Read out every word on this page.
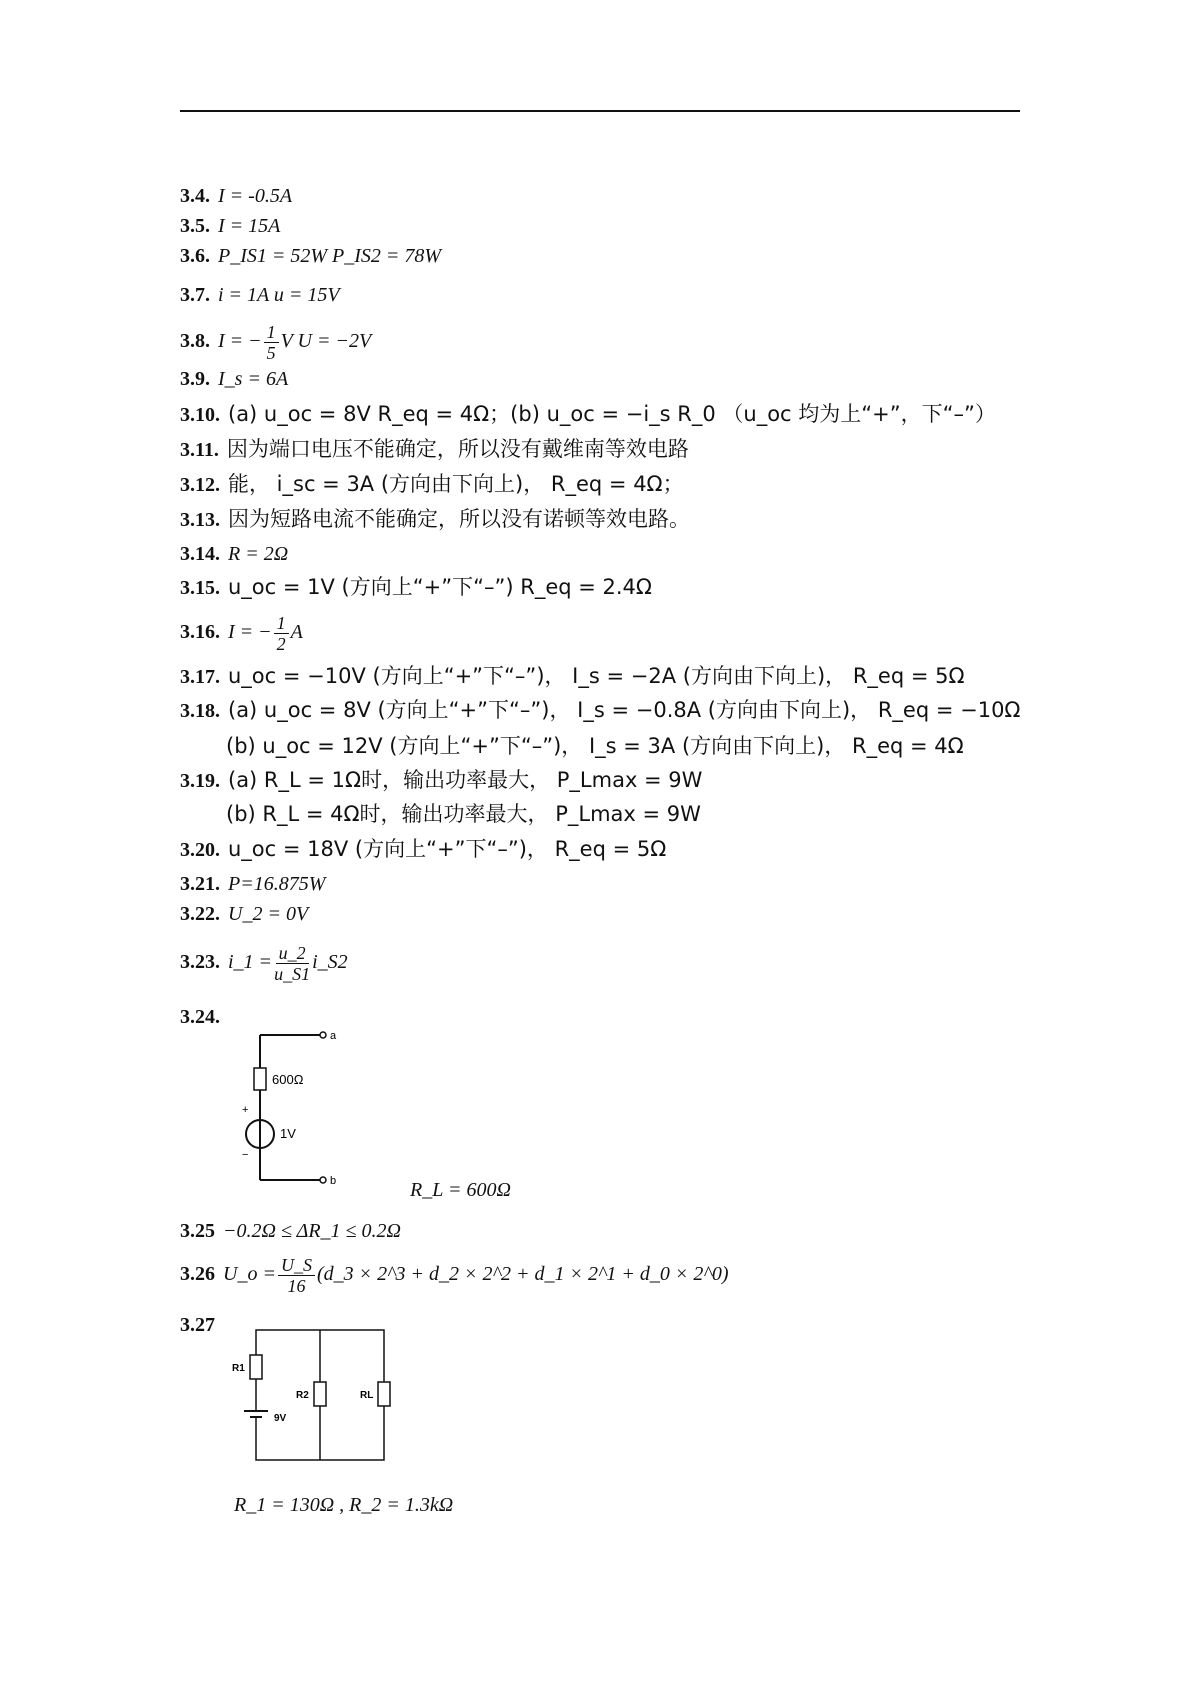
3.4. I = -0.5A
3.5. I = 15A
3.6. P_IS1 = 52W P_IS2 = 78W
3.7. i = 1A u = 15V
3.8. I = − $\frac{1}{5}$ V U = −2V
3.9. I_s = 6A
3.10. (a) u_oc = 8V R_eq = 4Ω；(b) u_oc = −i_s R_0 （u_oc 均为上“+”，下“–”）
3.11. 因为端口电压不能确定，所以没有戴维南等效电路
3.12. 能， i_sc = 3A (方向由下向上)， R_eq = 4Ω；
3.13. 因为短路电流不能确定，所以没有诺顿等效电路。
3.14. R = 2Ω
3.15. u_oc = 1V (方向上“+”下“–”) R_eq = 2.4Ω
3.16. I = − $\frac{1}{2}$ A
3.17. u_oc = −10V (方向上“+”下“–”)， I_s = −2A (方向由下向上)， R_eq = 5Ω
3.18. (a) u_oc = 8V (方向上“+”下“–”)， I_s = −0.8A (方向由下向上)， R_eq = −10Ω
(b) u_oc = 12V (方向上“+”下“–”)， I_s = 3A (方向由下向上)， R_eq = 4Ω
3.19. (a) R_L = 1Ω时，输出功率最大， P_Lmax = 9W
(b) R_L = 4Ω时，输出功率最大， P_Lmax = 9W
3.20. u_oc = 18V (方向上“+”下“–”)， R_eq = 5Ω
3.21. P=16.875W
3.22. U_2 = 0V
3.23. i_1 = $\frac{u\_2}{u\_S1}$ i_S2
3.24.
3.25 −0.2Ω ≤ ΔR_1 ≤ 0.2Ω
3.26 U_o = $\frac{U\_S}{16}$ (d_3 × 2^3 + d_2 × 2^2 + d_1 × 2^1 + d_0 × 2^0)
3.27
a
b
600Ω
1V
+
−
R_L = 600Ω
R1
R2	RL
9V
R_1 = 130Ω , R_2 = 1.3kΩ
